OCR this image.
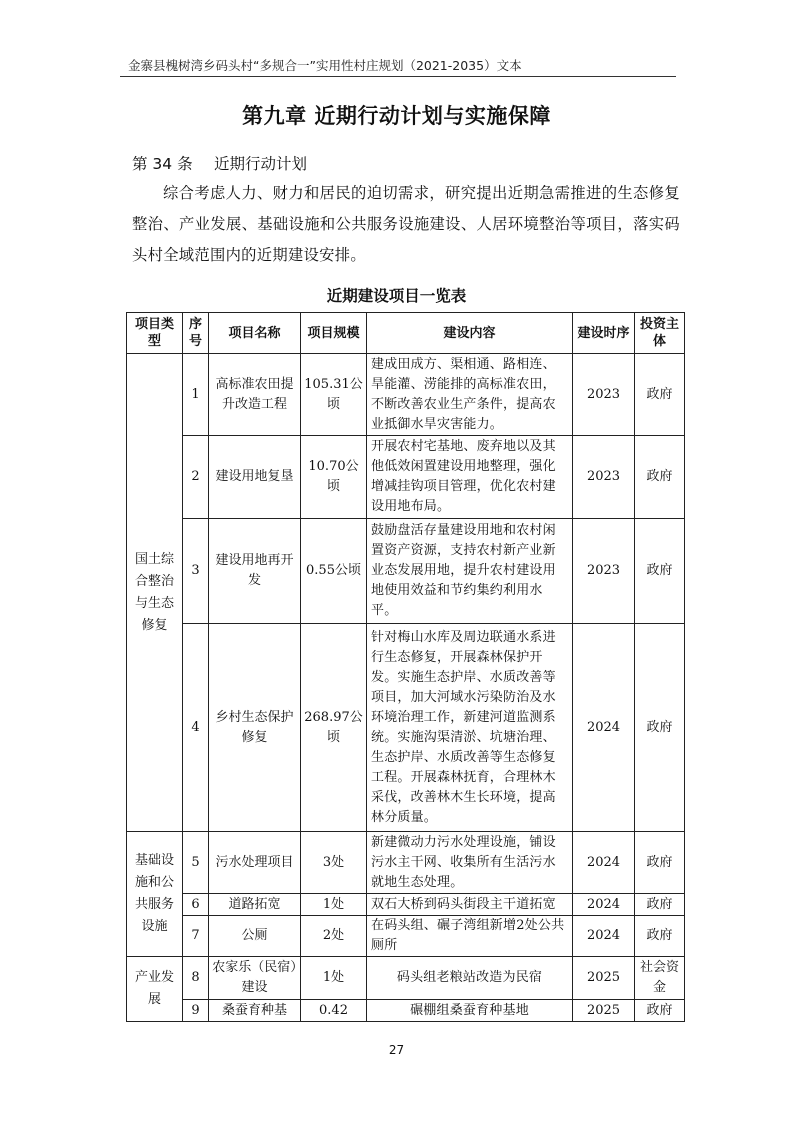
金寨县槐树湾乡码头村“多规合一”实用性村庄规划（2021-2035）文本
第九章 近期行动计划与实施保障
第 34 条 近期行动计划
综合考虑人力、财力和居民的迫切需求，研究提出近期急需推进的生态修复整治、产业发展、基础设施和公共服务设施建设、人居环境整治等项目，落实码头村全域范围内的近期建设安排。
近期建设项目一览表
项目类型	序号	项目名称	项目规模	建设内容	建设时序	投资主体
国土综合整治与生态修复	1	高标准农田提升改造工程	105.31公顷	建成田成方、渠相通、路相连、旱能灌、涝能排的高标准农田，不断改善农业生产条件，提高农业抵御水旱灾害能力。	2023	政府
	2	建设用地复垦	10.70公顷	开展农村宅基地、废弃地以及其他低效闲置建设用地整理，强化增减挂钩项目管理，优化农村建设用地布局。	2023	政府
	3	建设用地再开发	0.55公顷	鼓励盘活存量建设用地和农村闲置资产资源，支持农村新产业新业态发展用地，提升农村建设用地使用效益和节约集约利用水平。	2023	政府
	4	乡村生态保护修复	268.97公顷	针对梅山水库及周边联通水系进行生态修复，开展森林保护开发。实施生态护岸、水质改善等项目，加大河域水污染防治及水环境治理工作，新建河道监测系统。实施沟渠清淤、坑塘治理、生态护岸、水质改善等生态修复工程。开展森林抚育，合理林木采伐，改善林木生长环境，提高林分质量。	2024	政府
基础设施和公共服务设施	5	污水处理项目	3处	新建微动力污水处理设施，铺设污水主干网、收集所有生活污水就地生态处理。	2024	政府
	6	道路拓宽	1处	双石大桥到码头街段主干道拓宽	2024	政府
	7	公厕	2处	在码头组、碾子湾组新增2处公共厕所	2024	政府
产业发展	8	农家乐（民宿）建设	1处	码头组老粮站改造为民宿	2025	社会资金
	9	桑蚕育种基	0.42	碾棚组桑蚕育种基地	2025	政府
27
